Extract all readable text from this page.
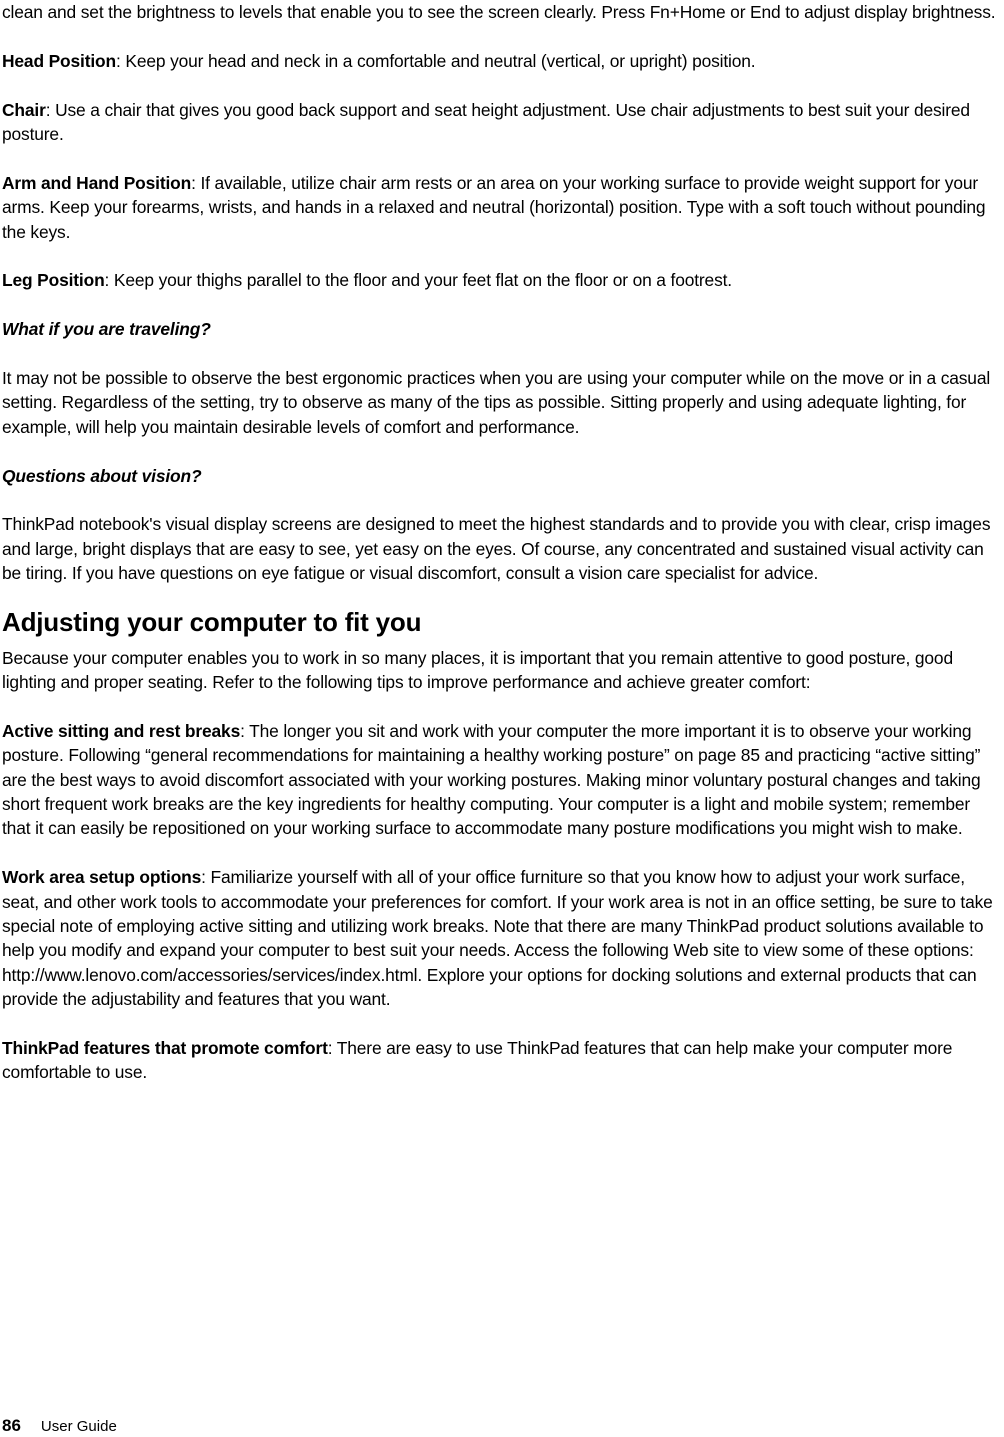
clean and set the brightness to levels that enable you to see the screen clearly. Press Fn+Home or End to adjust display brightness.

Head Position: Keep your head and neck in a comfortable and neutral (vertical, or upright) position.

Chair: Use a chair that gives you good back support and seat height adjustment. Use chair adjustments to best suit your desired posture.

Arm and Hand Position: If available, utilize chair arm rests or an area on your working surface to provide weight support for your arms. Keep your forearms, wrists, and hands in a relaxed and neutral (horizontal) position. Type with a soft touch without pounding the keys.

Leg Position: Keep your thighs parallel to the floor and your feet flat on the floor or on a footrest.

What if you are traveling?

It may not be possible to observe the best ergonomic practices when you are using your computer while on the move or in a casual setting. Regardless of the setting, try to observe as many of the tips as possible. Sitting properly and using adequate lighting, for example, will help you maintain desirable levels of comfort and performance.

Questions about vision?

ThinkPad notebook's visual display screens are designed to meet the highest standards and to provide you with clear, crisp images and large, bright displays that are easy to see, yet easy on the eyes. Of course, any concentrated and sustained visual activity can be tiring. If you have questions on eye fatigue or visual discomfort, consult a vision care specialist for advice.

Adjusting your computer to fit you

Because your computer enables you to work in so many places, it is important that you remain attentive to good posture, good lighting and proper seating. Refer to the following tips to improve performance and achieve greater comfort:

Active sitting and rest breaks: The longer you sit and work with your computer the more important it is to observe your working posture. Following “general recommendations for maintaining a healthy working posture” on page 85 and practicing “active sitting” are the best ways to avoid discomfort associated with your working postures. Making minor voluntary postural changes and taking short frequent work breaks are the key ingredients for healthy computing. Your computer is a light and mobile system; remember that it can easily be repositioned on your working surface to accommodate many posture modifications you might wish to make.

Work area setup options: Familiarize yourself with all of your office furniture so that you know how to adjust your work surface, seat, and other work tools to accommodate your preferences for comfort. If your work area is not in an office setting, be sure to take special note of employing active sitting and utilizing work breaks. Note that there are many ThinkPad product solutions available to help you modify and expand your computer to best suit your needs. Access the following Web site to view some of these options: http://www.lenovo.com/accessories/services/index.html. Explore your options for docking solutions and external products that can provide the adjustability and features that you want.

ThinkPad features that promote comfort: There are easy to use ThinkPad features that can help make your computer more comfortable to use.

86 User Guide
